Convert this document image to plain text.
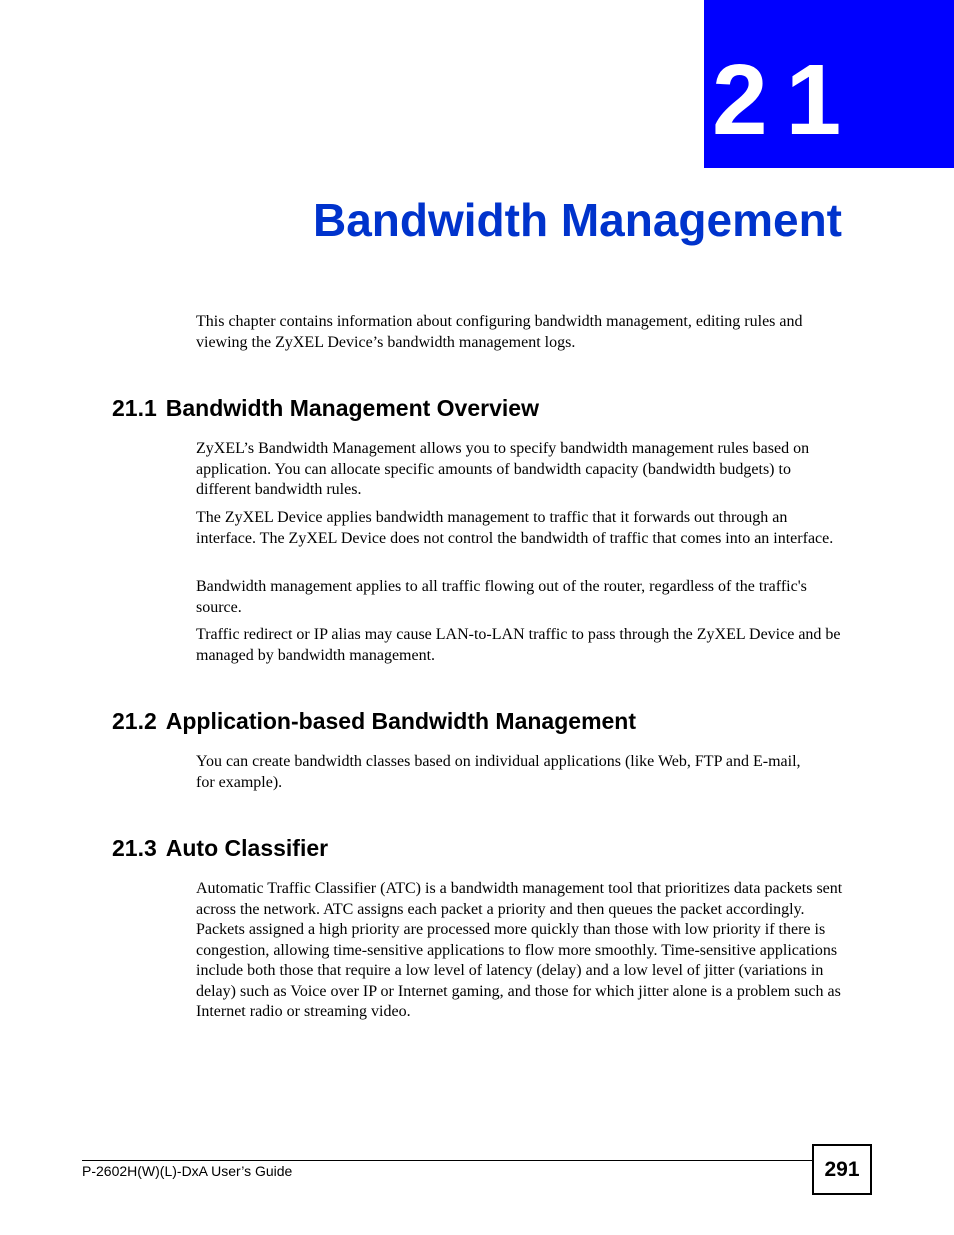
21
Bandwidth Management

This chapter contains information about configuring bandwidth management, editing rules and viewing the ZyXEL Device’s bandwidth management logs.

21.1 Bandwidth Management Overview

ZyXEL’s Bandwidth Management allows you to specify bandwidth management rules based on application. You can allocate specific amounts of bandwidth capacity (bandwidth budgets) to different bandwidth rules.

The ZyXEL Device applies bandwidth management to traffic that it forwards out through an interface. The ZyXEL Device does not control the bandwidth of traffic that comes into an interface.

Bandwidth management applies to all traffic flowing out of the router, regardless of the traffic's source.

Traffic redirect or IP alias may cause LAN-to-LAN traffic to pass through the ZyXEL Device and be managed by bandwidth management.

21.2 Application-based Bandwidth Management

You can create bandwidth classes based on individual applications (like Web, FTP and E-mail, for example).

21.3 Auto Classifier

Automatic Traffic Classifier (ATC) is a bandwidth management tool that prioritizes data packets sent across the network. ATC assigns each packet a priority and then queues the packet accordingly. Packets assigned a high priority are processed more quickly than those with low priority if there is congestion, allowing time-sensitive applications to flow more smoothly. Time-sensitive applications include both those that require a low level of latency (delay) and a low level of jitter (variations in delay) such as Voice over IP or Internet gaming, and those for which jitter alone is a problem such as Internet radio or streaming video.

P-2602H(W)(L)-DxA User’s Guide	291
